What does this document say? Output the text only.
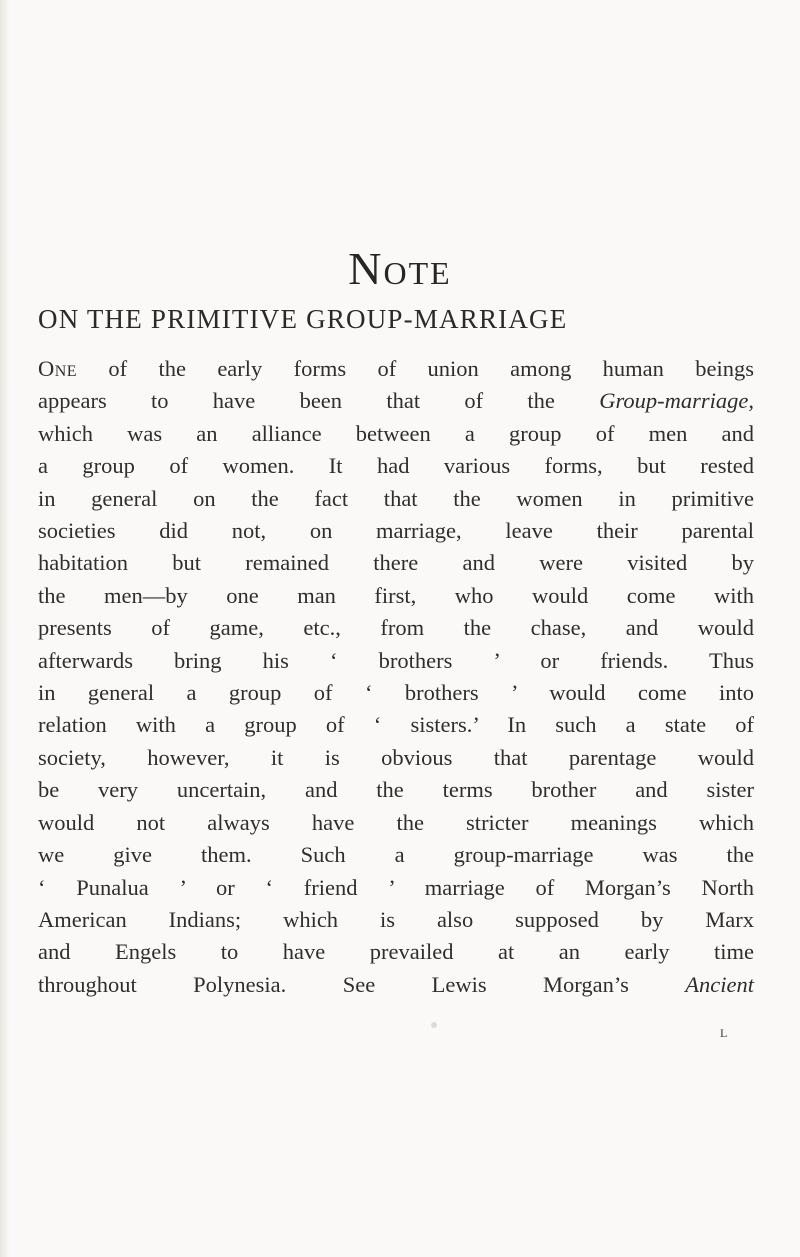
Note
ON THE PRIMITIVE GROUP-MARRIAGE
One of the early forms of union among human beings
appears to have been that of the Group-marriage,
which was an alliance between a group of men and
a group of women. It had various forms, but rested
in general on the fact that the women in primitive
societies did not, on marriage, leave their parental
habitation but remained there and were visited by
the men—by one man first, who would come with
presents of game, etc., from the chase, and would
afterwards bring his ‘ brothers ’ or friends. Thus
in general a group of ‘ brothers ’ would come into
relation with a group of ‘ sisters.’ In such a state of
society, however, it is obvious that parentage would
be very uncertain, and the terms brother and sister
would not always have the stricter meanings which
we give them. Such a group-marriage was the
‘ Punalua ’ or ‘ friend ’ marriage of Morgan’s North
American Indians; which is also supposed by Marx
and Engels to have prevailed at an early time
throughout Polynesia. See Lewis Morgan’s Ancient
L
